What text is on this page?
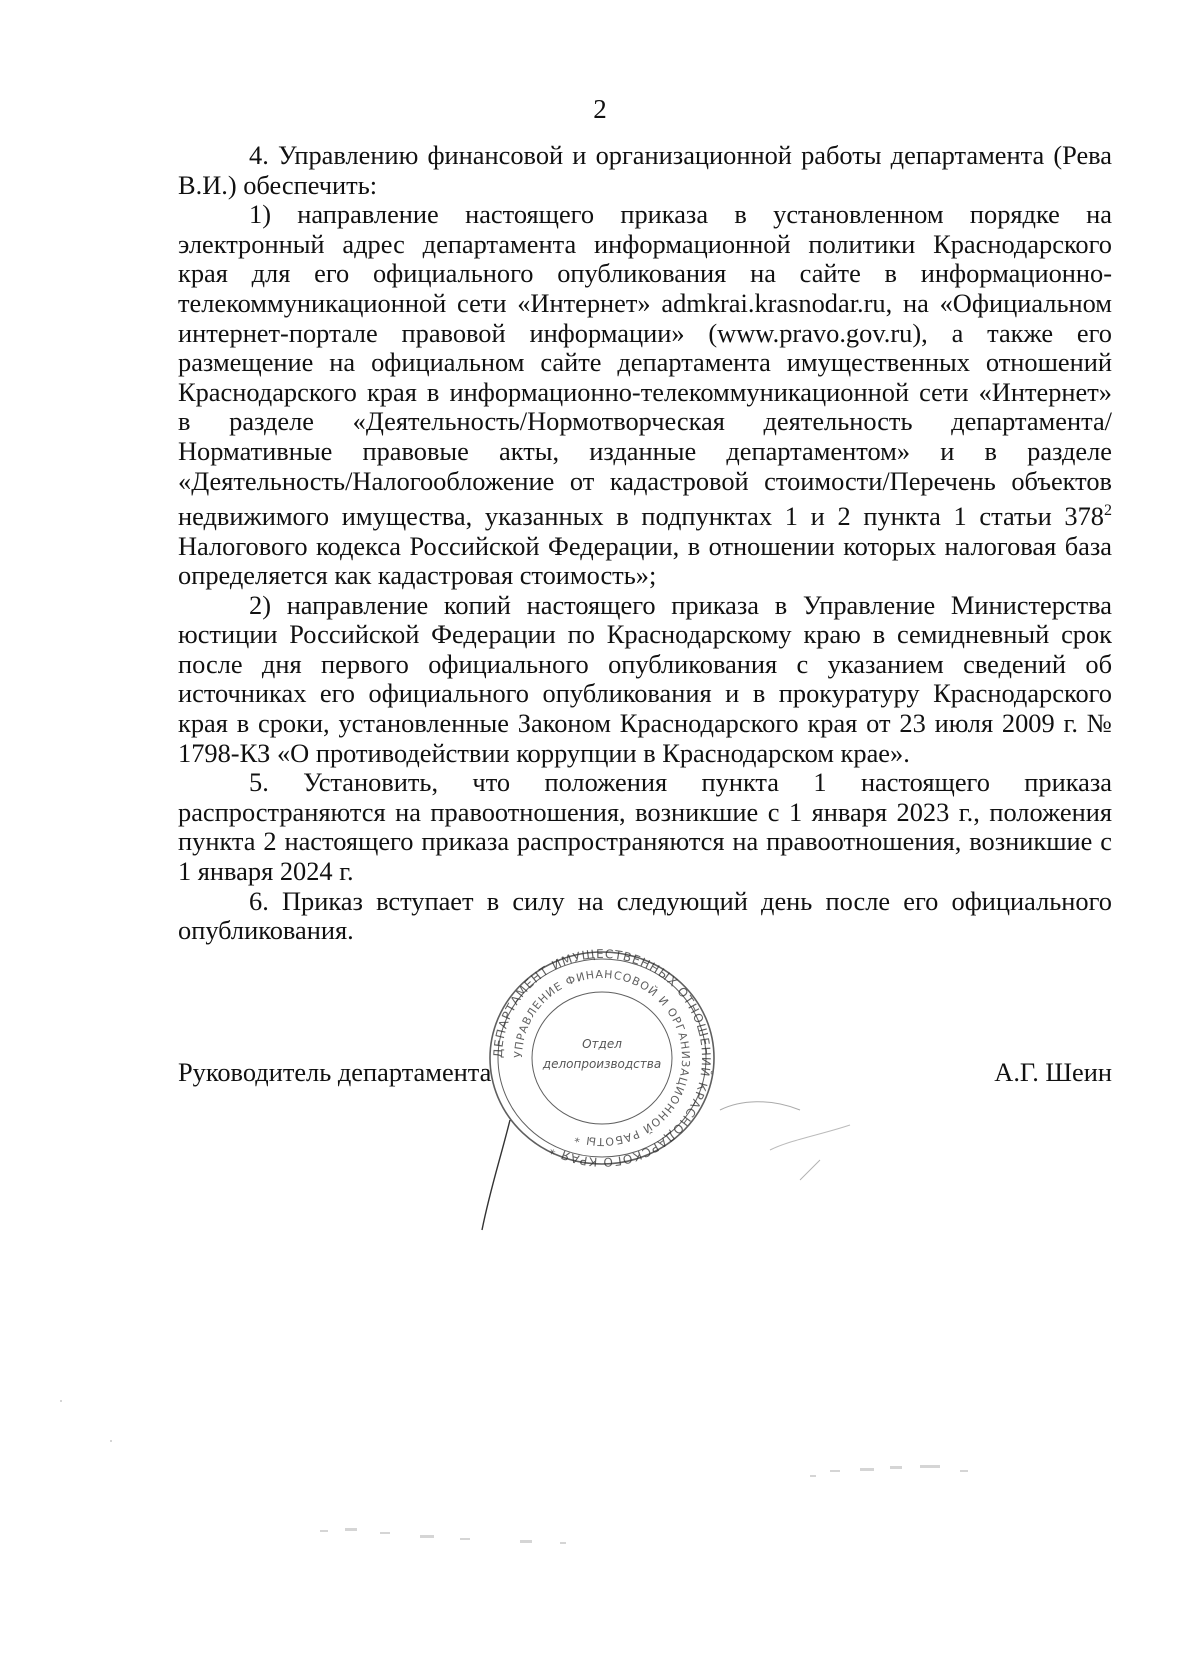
2

4. Управлению финансовой и организационной работы департамента (Рева В.И.) обеспечить:

1) направление настоящего приказа в установленном порядке на электронный адрес департамента информационной политики Краснодарского края для его официального опубликования на сайте в информационно-телекоммуникационной сети «Интернет» admkrai.krasnodar.ru, на «Официальном интернет-портале правовой информации» (www.pravo.gov.ru), а также его размещение на официальном сайте департамента имущественных отношений Краснодарского края в информационно-телекоммуникационной сети «Интернет» в разделе «Деятельность/Нормотворческая деятельность департамента/Нормативные правовые акты, изданные департаментом» и в разделе «Деятельность/Налогообложение от кадастровой стоимости/Перечень объектов недвижимого имущества, указанных в подпунктах 1 и 2 пункта 1 статьи $378^2$ Налогового кодекса Российской Федерации, в отношении которых налоговая база определяется как кадастровая стоимость»;

2) направление копий настоящего приказа в Управление Министерства юстиции Российской Федерации по Краснодарскому краю в семидневный срок после дня первого официального опубликования с указанием сведений об источниках его официального опубликования и в прокуратуру Краснодарского края в сроки, установленные Законом Краснодарского края от 23 июля 2009 г. № 1798-КЗ «О противодействии коррупции в Краснодарском крае».

5. Установить, что положения пункта 1 настоящего приказа распространяются на правоотношения, возникшие с 1 января 2023 г., положения пункта 2 настоящего приказа распространяются на правоотношения, возникшие с 1 января 2024 г.

6. Приказ вступает в силу на следующий день после его официального опубликования.

Руководитель департамента	А.Г. Шеин
ДЕПАРТАМЕНТ ИМУЩЕСТВЕННЫХ ОТНОШЕНИЙ КРАСНОДАРСКОГО КРАЯ *
УПРАВЛЕНИЕ ФИНАНСОВОЙ И ОРГАНИЗАЦИОННОЙ РАБОТЫ *
Отдел
делопроизводства
